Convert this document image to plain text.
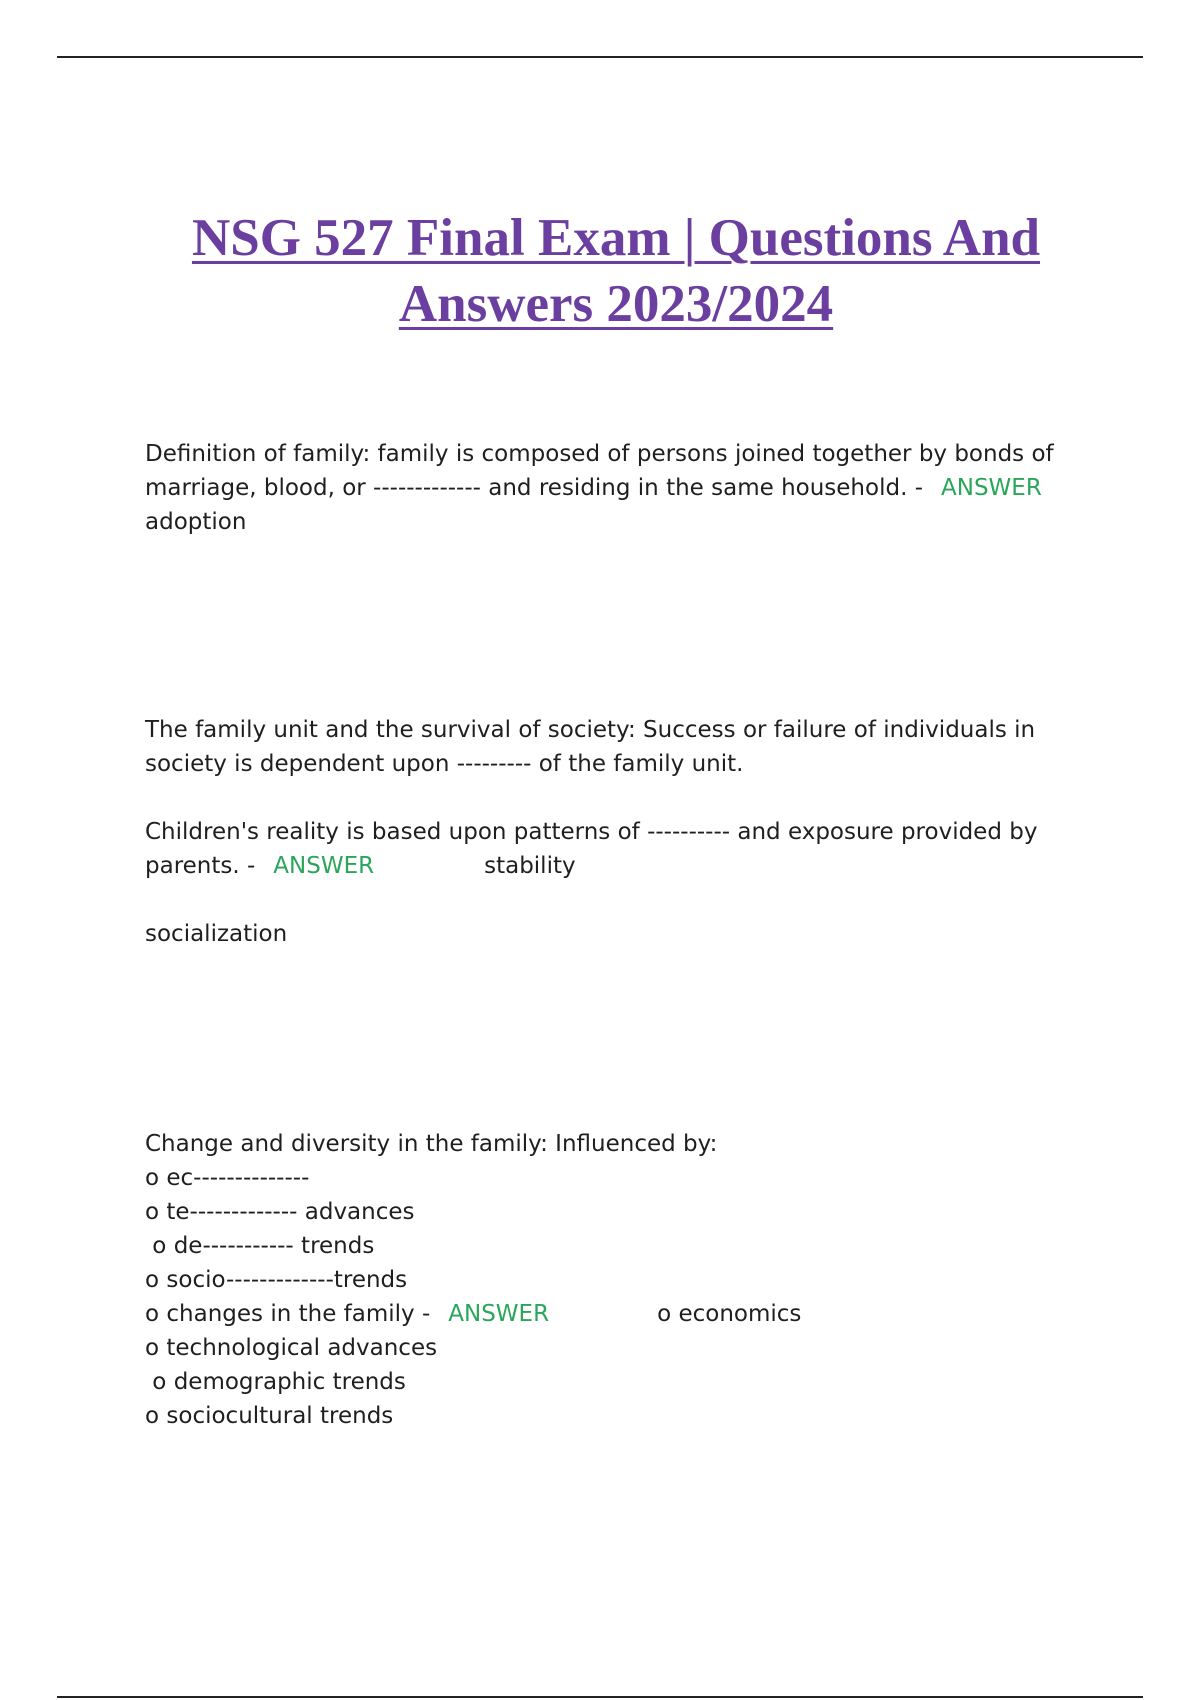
NSG 527 Final Exam | Questions And
Answers 2023/2024
Definition of family: family is composed of persons joined together by bonds of
marriage, blood, or ------------- and residing in the same household. - ANSWER
adoption
The family unit and the survival of society: Success or failure of individuals in
society is dependent upon --------- of the family unit.
Children's reality is based upon patterns of ---------- and exposure provided by
parents. - ANSWER	stability
socialization
Change and diversity in the family: Influenced by:
o ec--------------
o te------------- advances
o de----------- trends
o socio-------------trends
o changes in the family - ANSWER	o economics
o technological advances
o demographic trends
o sociocultural trends
